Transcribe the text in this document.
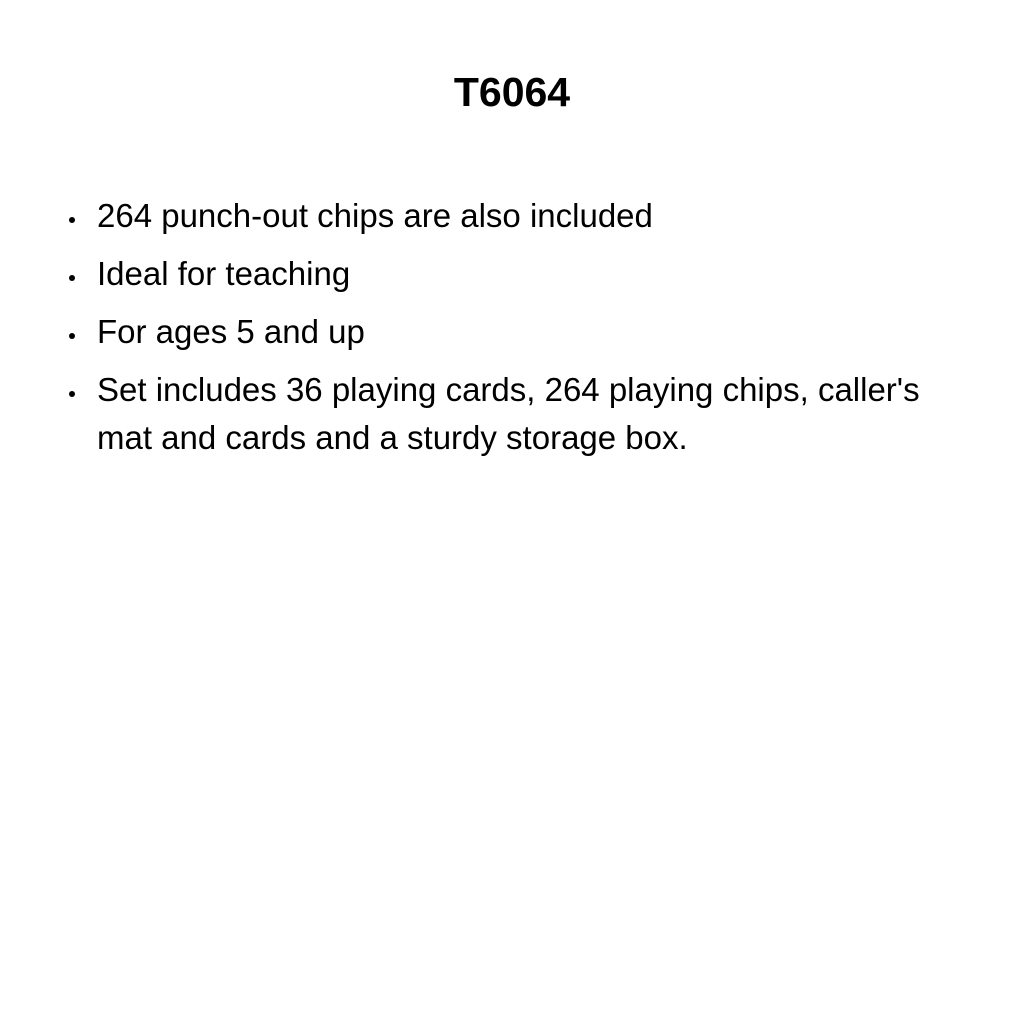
T6064
264 punch-out chips are also included
Ideal for teaching
For ages 5 and up
Set includes 36 playing cards, 264 playing chips, caller's mat and cards and a sturdy storage box.
